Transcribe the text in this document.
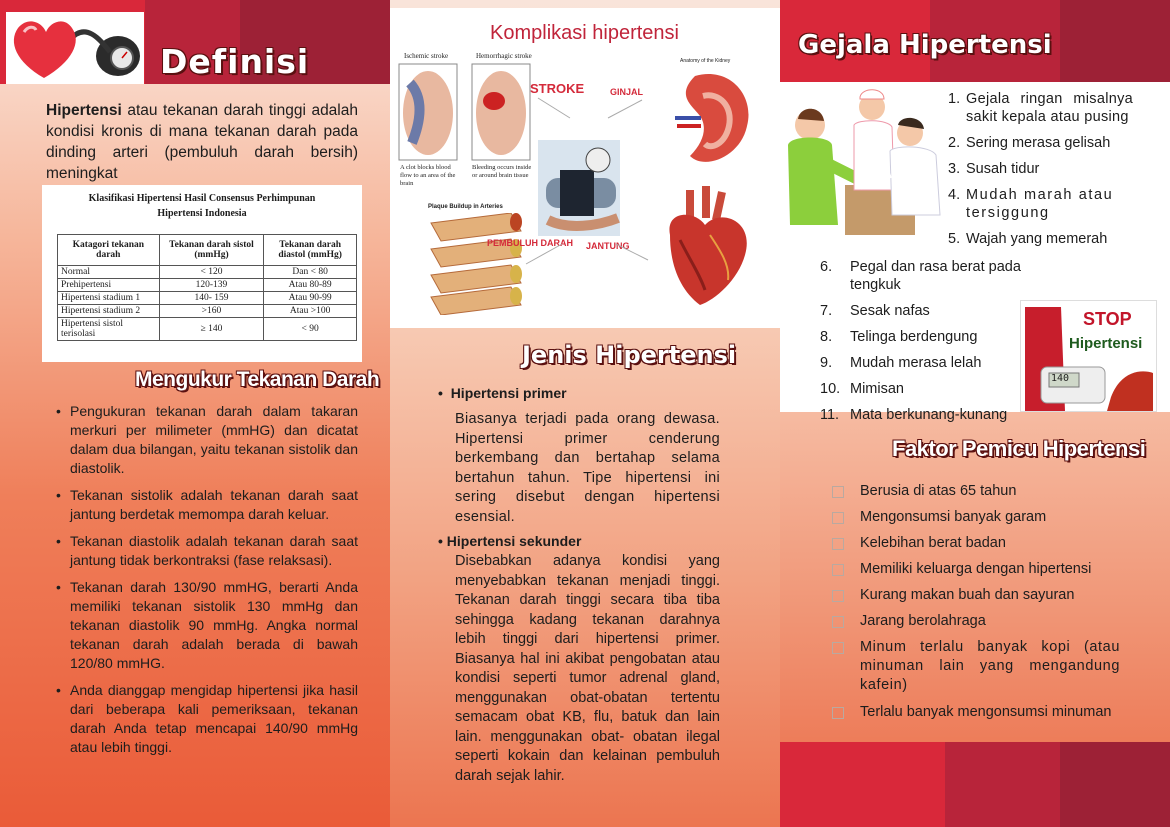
Definisi
Hipertensi atau tekanan darah tinggi adalah kondisi kronis di mana tekanan darah pada dinding arteri (pembuluh darah bersih) meningkat
Klasifikasi Hipertensi Hasil Consensus Perhimpunan Hipertensi Indonesia
Katagori tekanan darah	Tekanan darah sistol (mmHg)	Tekanan darah diastol (mmHg)
Normal	< 120	Dan < 80
Prehipertensi	120-139	Atau 80-89
Hipertensi stadium 1	140- 159	Atau 90-99
Hipertensi stadium 2	>160	Atau >100
Hipertensi sistol terisolasi	≥ 140	< 90
Mengukur Tekanan Darah
• Pengukuran tekanan darah dalam takaran merkuri per milimeter (mmHG) dan dicatat dalam dua bilangan, yaitu tekanan sistolik dan diastolik.
• Tekanan sistolik adalah tekanan darah saat jantung berdetak memompa darah keluar.
• Tekanan diastolik adalah tekanan darah saat jantung tidak berkontraksi (fase relaksasi).
• Tekanan darah 130/90 mmHG, berarti Anda memiliki tekanan sistolik 130 mmHg dan tekanan diastolik 90 mmHg. Angka normal tekanan darah adalah berada di bawah 120/80 mmHG.
• Anda dianggap mengidap hipertensi jika hasil dari beberapa kali pemeriksaan, tekanan darah Anda tetap mencapai 140/90 mmHg atau lebih tinggi.
Komplikasi hipertensi
Ischemic stroke	Hemorrhagic stroke
A clot blocks blood flow to an area of the brain
Bleeding occurs inside or around brain tissue
STROKE	GINJAL
Anatomy of the Kidney
Plaque Buildup in Arteries
PEMBULUH DARAH JANTUNG
Jenis Hipertensi
• Hipertensi primer
Biasanya terjadi pada orang dewasa. Hipertensi primer cenderung berkembang dan bertahap selama bertahun tahun. Tipe hipertensi ini sering disebut dengan hipertensi esensial.
• Hipertensi sekunder
Disebabkan adanya kondisi yang menyebabkan tekanan menjadi tinggi. Tekanan darah tinggi secara tiba tiba sehingga kadang tekanan darahnya lebih tinggi dari hipertensi primer. Biasanya hal ini akibat pengobatan atau kondisi seperti tumor adrenal gland, menggunakan obat-obatan tertentu semacam obat KB, flu, batuk dan lain lain. menggunakan obat- obatan ilegal seperti kokain dan kelainan pembuluh darah sejak lahir.
Gejala Hipertensi
1. Gejala ringan misalnya sakit kepala atau pusing
2. Sering merasa gelisah
3. Susah tidur
4. Mudah marah atau tersiggung
5. Wajah yang memerah
6.	Pegal dan rasa berat pada tengkuk
7.	Sesak nafas
8.	Telinga berdengung
9.	Mudah merasa lelah
10. Mimisan
11. Mata berkunang-kunang
STOP
Hipertensi
140
Faktor Pemicu Hipertensi
Berusia di atas 65 tahun
Mengonsumsi banyak garam
Kelebihan berat badan
Memiliki keluarga dengan hipertensi
Kurang makan buah dan sayuran
Jarang berolahraga
Minum terlalu banyak kopi (atau minuman lain yang mengandung kafein)
Terlalu banyak mengonsumsi minuman
